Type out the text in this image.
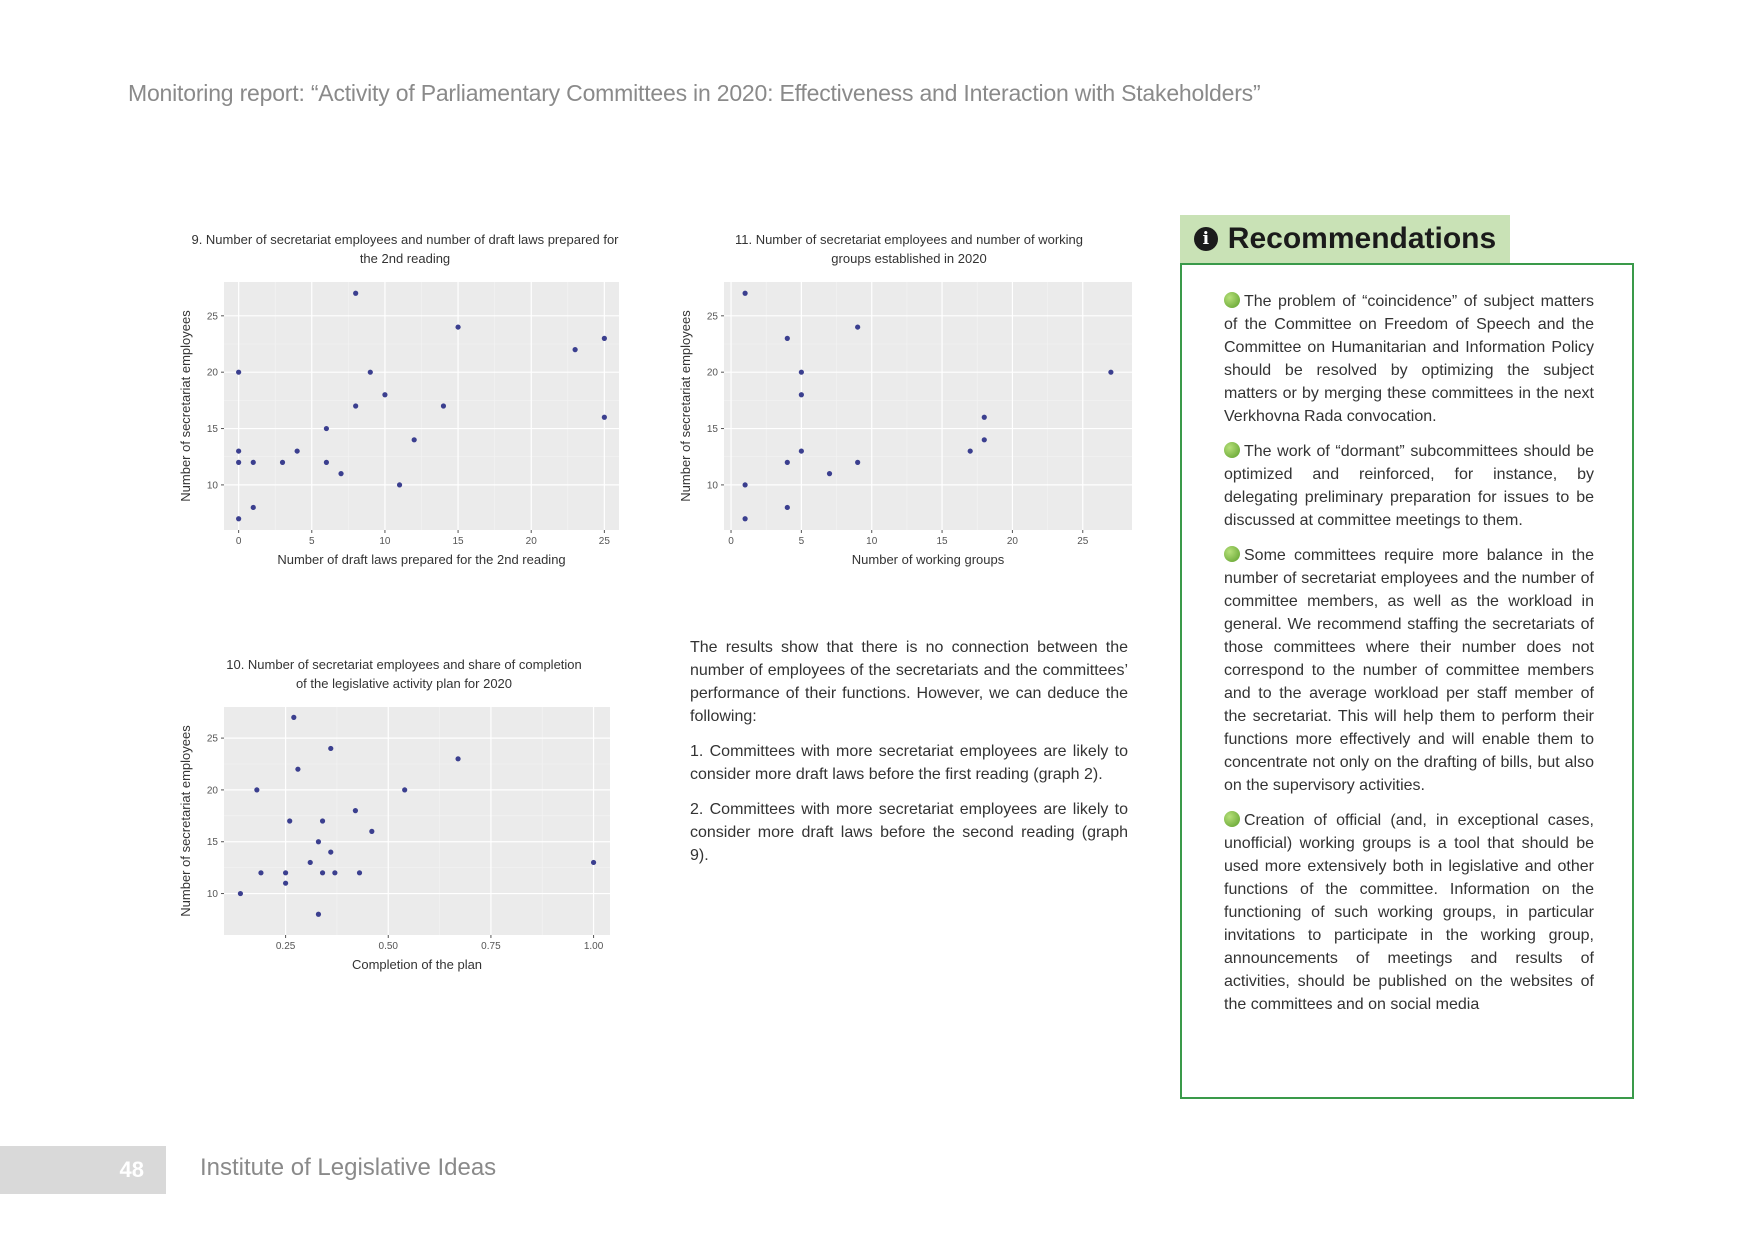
Monitoring report: “Activity of Parliamentary Committees in 2020: Effectiveness and Interaction with Stakeholders”
9. Number of secretariat employees and number of draft laws prepared for the 2nd reading
0	5	10	15	20	25
10
15
20
25
Number of draft laws prepared for the 2nd reading
Number of secretariat employees
11. Number of secretariat employees and number of working groups established in 2020
0	5	10	15	20	25
10
15
20
25
Number of working groups
Number of secretariat employees
10. Number of secretariat employees and share of completion of the legislative activity plan for 2020
0.25	0.50	0.75	1.00
10
15
20
25
Completion of the plan
Number of secretariat employees

The results show that there is no connection between the number of employees of the secretariats and the committees’ performance of their functions. However, we can deduce the following:

1. Committees with more secretariat employees are likely to consider more draft laws before the first reading (graph 2).

2. Committees with more secretariat employees are likely to consider more draft laws before the second reading (graph 9).

i Recommendations
The problem of “coincidence” of subject matters of the Committee on Freedom of Speech and the Committee on Humanitarian and Information Policy should be resolved by optimizing the subject matters or by merging these committees in the next Verkhovna Rada convocation.
The work of “dormant” subcommittees should be optimized and reinforced, for instance, by delegating preliminary preparation for issues to be discussed at committee meetings to them.
Some committees require more balance in the number of secretariat employees and the number of committee members, as well as the workload in general. We recommend staffing the secretariats of those committees where their number does not correspond to the number of committee members and to the average workload per staff member of the secretariat. This will help them to perform their functions more effectively and will enable them to concentrate not only on the drafting of bills, but also on the supervisory activities.
Creation of official (and, in exceptional cases, unofficial) working groups is a tool that should be used more extensively both in legislative and other functions of the committee. Information on the functioning of such working groups, in particular invitations to participate in the working group, announcements of meetings and results of activities, should be published on the websites of the committees and on social media
48	Institute of Legislative Ideas
